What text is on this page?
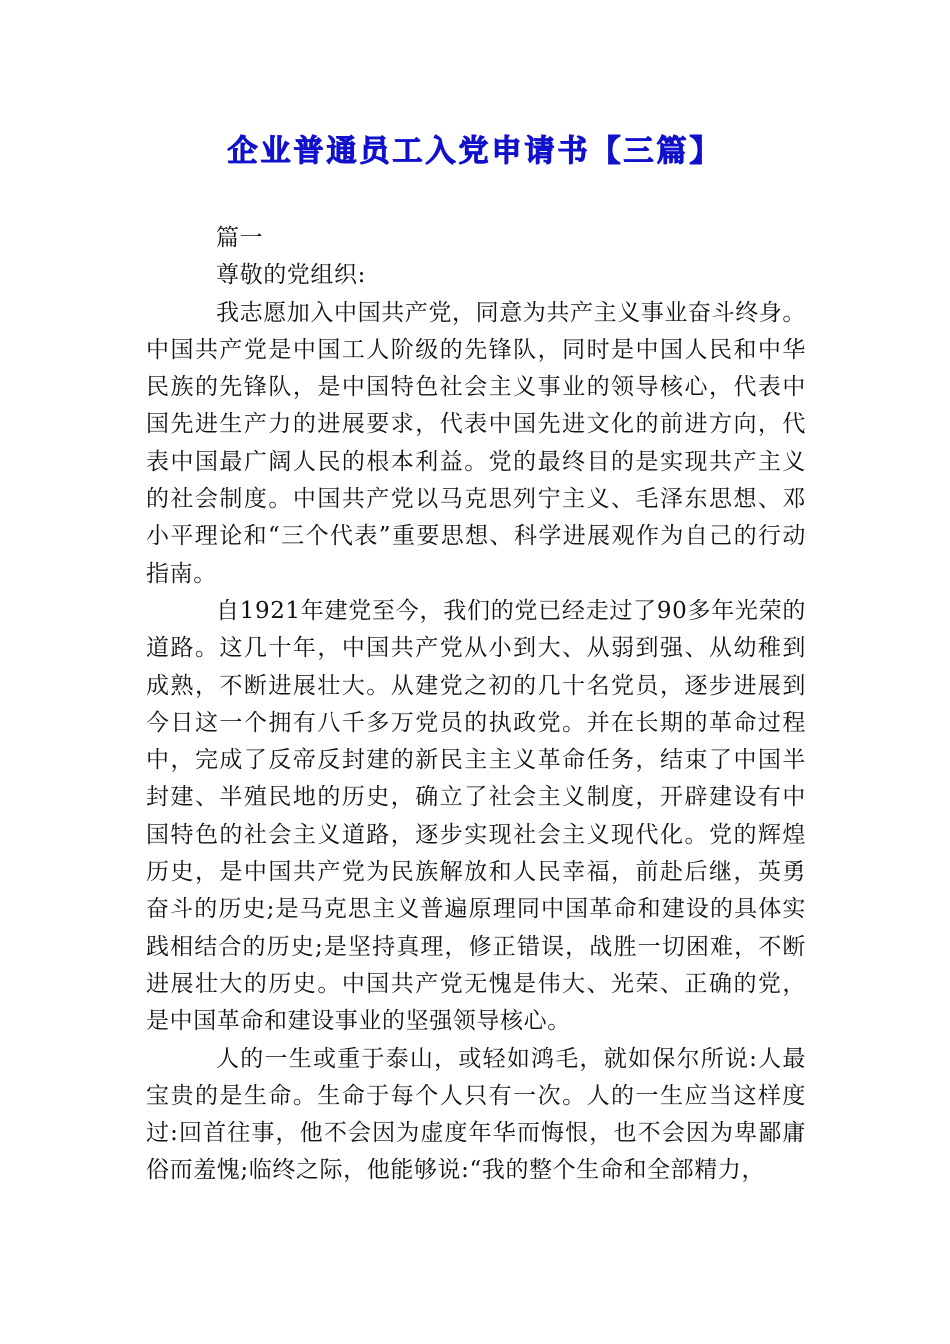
企业普通员工入党申请书【三篇】

篇一

尊敬的党组织:

我志愿加入中国共产党，同意为共产主义事业奋斗终身。中国共产党是中国工人阶级的先锋队，同时是中国人民和中华民族的先锋队，是中国特色社会主义事业的领导核心，代表中国先进生产力的进展要求，代表中国先进文化的前进方向，代表中国最广阔人民的根本利益。党的最终目的是实现共产主义的社会制度。中国共产党以马克思列宁主义、毛泽东思想、邓小平理论和“三个代表”重要思想、科学进展观作为自己的行动指南。

自1921年建党至今，我们的党已经走过了90多年光荣的道路。这几十年，中国共产党从小到大、从弱到强、从幼稚到成熟，不断进展壮大。从建党之初的几十名党员，逐步进展到今日这一个拥有八千多万党员的执政党。并在长期的革命过程中，完成了反帝反封建的新民主主义革命任务，结束了中国半封建、半殖民地的历史，确立了社会主义制度，开辟建设有中国特色的社会主义道路，逐步实现社会主义现代化。党的辉煌历史，是中国共产党为民族解放和人民幸福，前赴后继，英勇奋斗的历史;是马克思主义普遍原理同中国革命和建设的具体实践相结合的历史;是坚持真理，修正错误，战胜一切困难，不断进展壮大的历史。中国共产党无愧是伟大、光荣、正确的党，是中国革命和建设事业的坚强领导核心。

人的一生或重于泰山，或轻如鸿毛，就如保尔所说:人最宝贵的是生命。生命于每个人只有一次。人的一生应当这样度过:回首往事，他不会因为虚度年华而悔恨，也不会因为卑鄙庸俗而羞愧;临终之际，他能够说:“我的整个生命和全部精力，
